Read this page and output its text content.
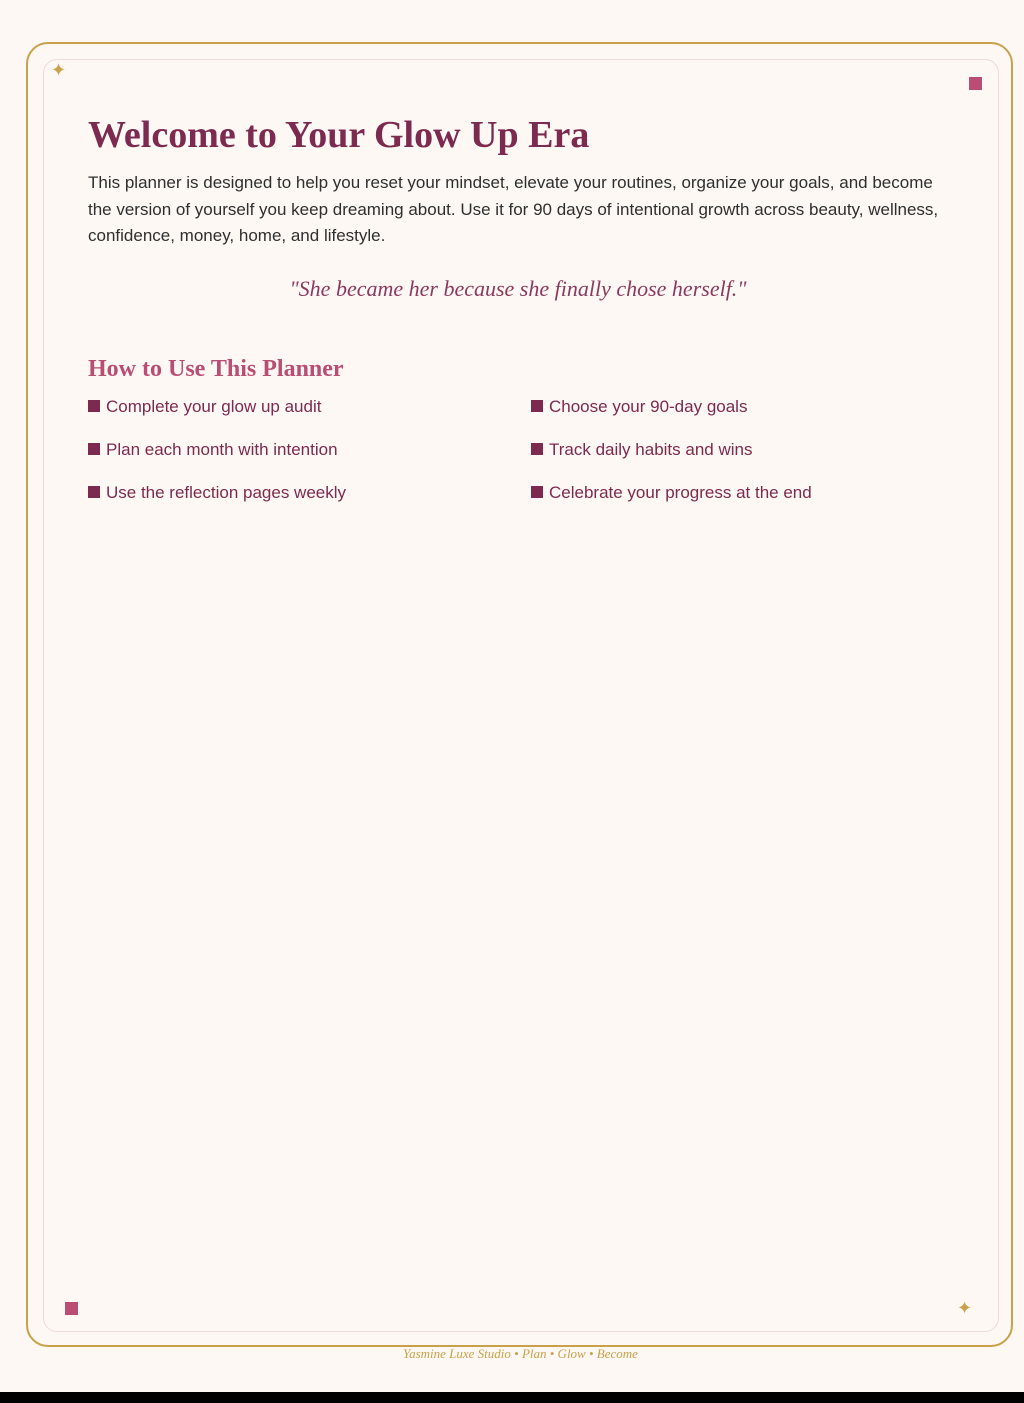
✦
✦
Welcome to Your Glow Up Era

This planner is designed to help you reset your mindset, elevate your routines, organize your goals, and become the version of yourself you keep dreaming about. Use it for 90 days of intentional growth across beauty, wellness, confidence, money, home, and lifestyle.

"She became her because she finally chose herself."

How to Use This Planner
Complete your glow up audit	Choose your 90-day goals
Plan each month with intention	Track daily habits and wins
Use the reflection pages weekly	Celebrate your progress at the end
Yasmine Luxe Studio • Plan • Glow • Become
